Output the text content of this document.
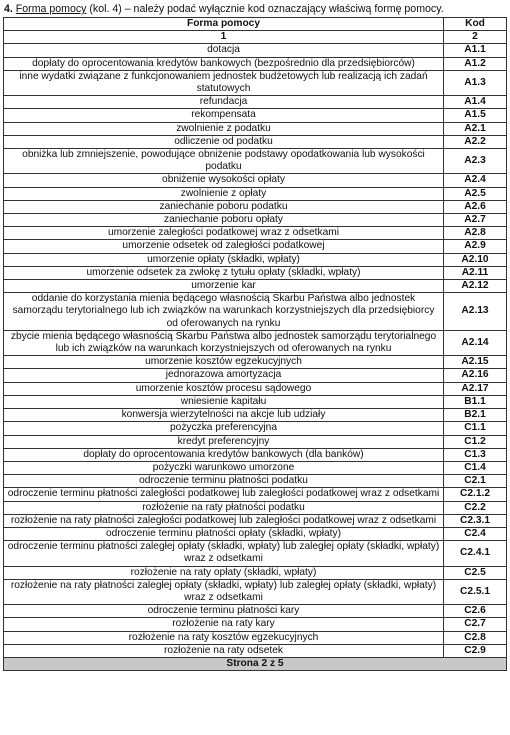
4. Forma pomocy (kol. 4) – należy podać wyłącznie kod oznaczający właściwą formę pomocy.
Forma pomocy	Kod
1	2
dotacja	A1.1
dopłaty do oprocentowania kredytów bankowych (bezpośrednio dla przedsiębiorców)	A1.2
inne wydatki związane z funkcjonowaniem jednostek budżetowych lub realizacją ich zadań statutowych	A1.3
refundacja	A1.4
rekompensata	A1.5
zwolnienie z podatku	A2.1
odliczenie od podatku	A2.2
obniżka lub zmniejszenie, powodujące obniżenie podstawy opodatkowania lub wysokości podatku	A2.3
obniżenie wysokości opłaty	A2.4
zwolnienie z opłaty	A2.5
zaniechanie poboru podatku	A2.6
zaniechanie poboru opłaty	A2.7
umorzenie zaległości podatkowej wraz z odsetkami	A2.8
umorzenie odsetek od zaległości podatkowej	A2.9
umorzenie opłaty (składki, wpłaty)	A2.10
umorzenie odsetek za zwłokę z tytułu opłaty (składki, wpłaty)	A2.11
umorzenie kar	A2.12
oddanie do korzystania mienia będącego własnością Skarbu Państwa albo jednostek samorządu terytorialnego lub ich związków na warunkach korzystniejszych dla przedsiębiorcy od oferowanych na rynku	A2.13
zbycie mienia będącego własnością Skarbu Państwa albo jednostek samorządu terytorialnego lub ich związków na warunkach korzystniejszych od oferowanych na rynku	A2.14
umorzenie kosztów egzekucyjnych	A2.15
jednorazowa amortyzacja	A2.16
umorzenie kosztów procesu sądowego	A2.17
wniesienie kapitału	B1.1
konwersja wierzytelności na akcje lub udziały	B2.1
pożyczka preferencyjna	C1.1
kredyt preferencyjny	C1.2
dopłaty do oprocentowania kredytów bankowych (dla banków)	C1.3
pożyczki warunkowo umorzone	C1.4
odroczenie terminu płatności podatku	C2.1
odroczenie terminu płatności zaległości podatkowej lub zaległości podatkowej wraz z odsetkami	C2.1.2
rozłożenie na raty płatności podatku	C2.2
rozłożenie na raty płatności zaległości podatkowej lub zaległości podatkowej wraz z odsetkami	C2.3.1
odroczenie terminu płatności opłaty (składki, wpłaty)	C2.4
odroczenie terminu płatności zaległej opłaty (składki, wpłaty) lub zaległej opłaty (składki, wpłaty) wraz z odsetkami	C2.4.1
rozłożenie na raty opłaty (składki, wpłaty)	C2.5
rozłożenie na raty płatności zaległej opłaty (składki, wpłaty) lub zaległej opłaty (składki, wpłaty) wraz z odsetkami	C2.5.1
odroczenie terminu płatności kary	C2.6
rozłożenie na raty kary	C2.7
rozłożenie na raty kosztów egzekucyjnych	C2.8
rozłożenie na raty odsetek	C2.9
Strona 2 z 5	
